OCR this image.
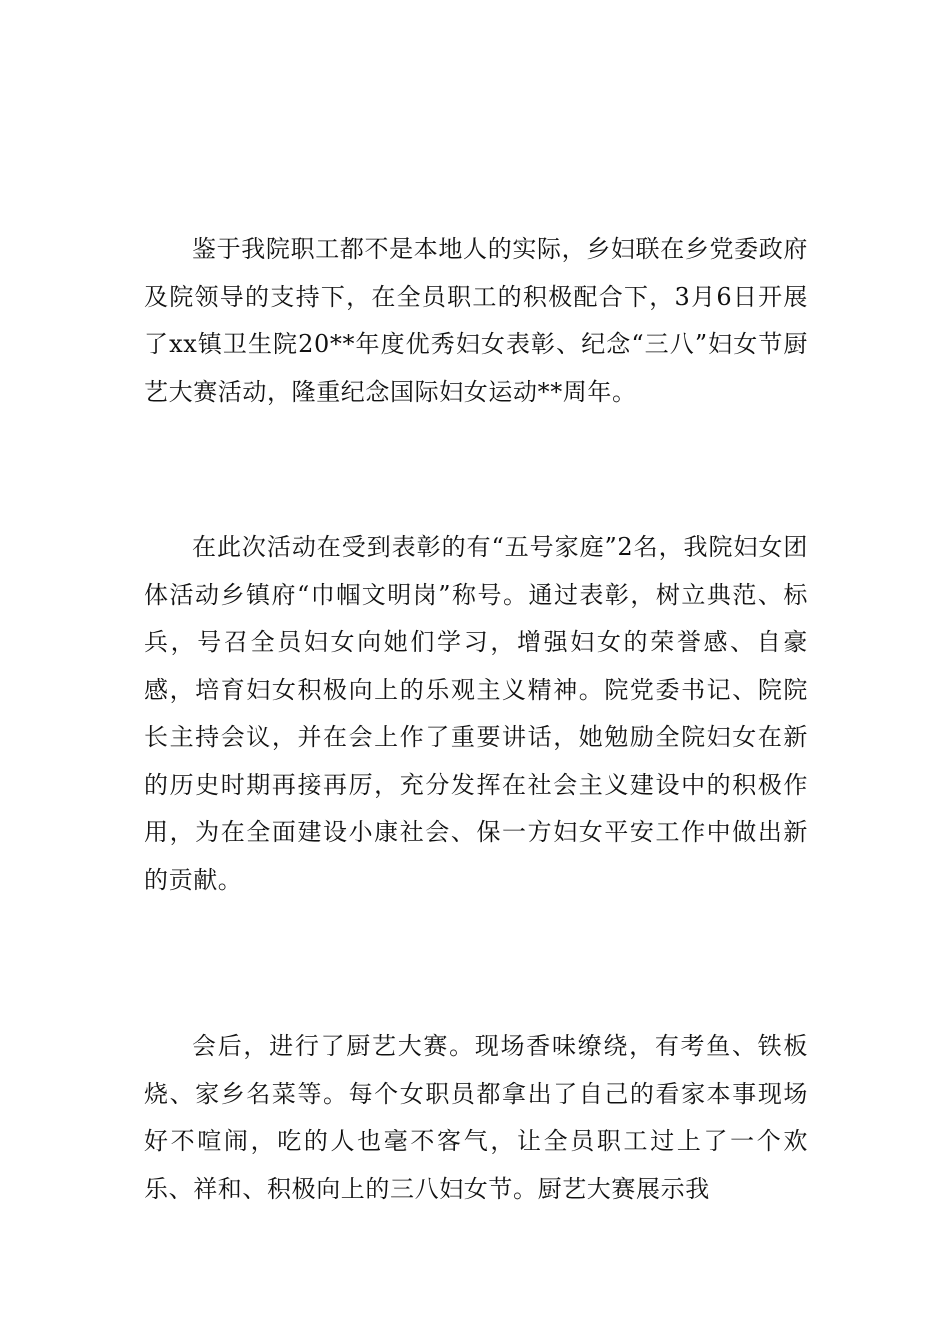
鉴于我院职工都不是本地人的实际，乡妇联在乡党委政府及院领导的支持下，在全员职工的积极配合下，3月6日开展了xx镇卫生院20**年度优秀妇女表彰、纪念“三八”妇女节厨艺大赛活动，隆重纪念国际妇女运动**周年。

在此次活动在受到表彰的有“五号家庭”2名，我院妇女团体活动乡镇府“巾帼文明岗”称号。通过表彰，树立典范、标兵，号召全员妇女向她们学习，增强妇女的荣誉感、自豪感，培育妇女积极向上的乐观主义精神。院党委书记、院院长主持会议，并在会上作了重要讲话，她勉励全院妇女在新的历史时期再接再厉，充分发挥在社会主义建设中的积极作用，为在全面建设小康社会、保一方妇女平安工作中做出新的贡献。

会后，进行了厨艺大赛。现场香味缭绕，有考鱼、铁板烧、家乡名菜等。每个女职员都拿出了自己的看家本事现场好不喧闹，吃的人也毫不客气，让全员职工过上了一个欢乐、祥和、积极向上的三八妇女节。厨艺大赛展示我
